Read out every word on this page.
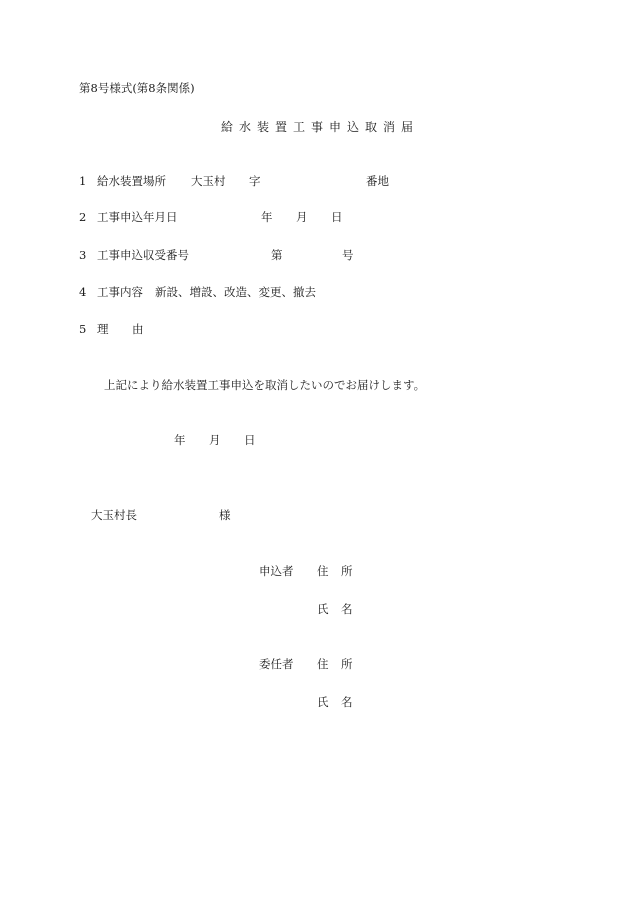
第8号様式(第8条関係)
給水装置工事申込取消届
1 給水装置場所 大玉村 字	番地
2 工事申込年月日	年 月 日
3 工事申込収受番号	第	号
4 工事内容 新設、増設、改造、変更、撤去
5 理 由
上記により給水装置工事申込を取消したいのでお届けします。
年 月 日
大玉村長	様
申込者 住 所
氏 名
委任者 住 所
氏 名
